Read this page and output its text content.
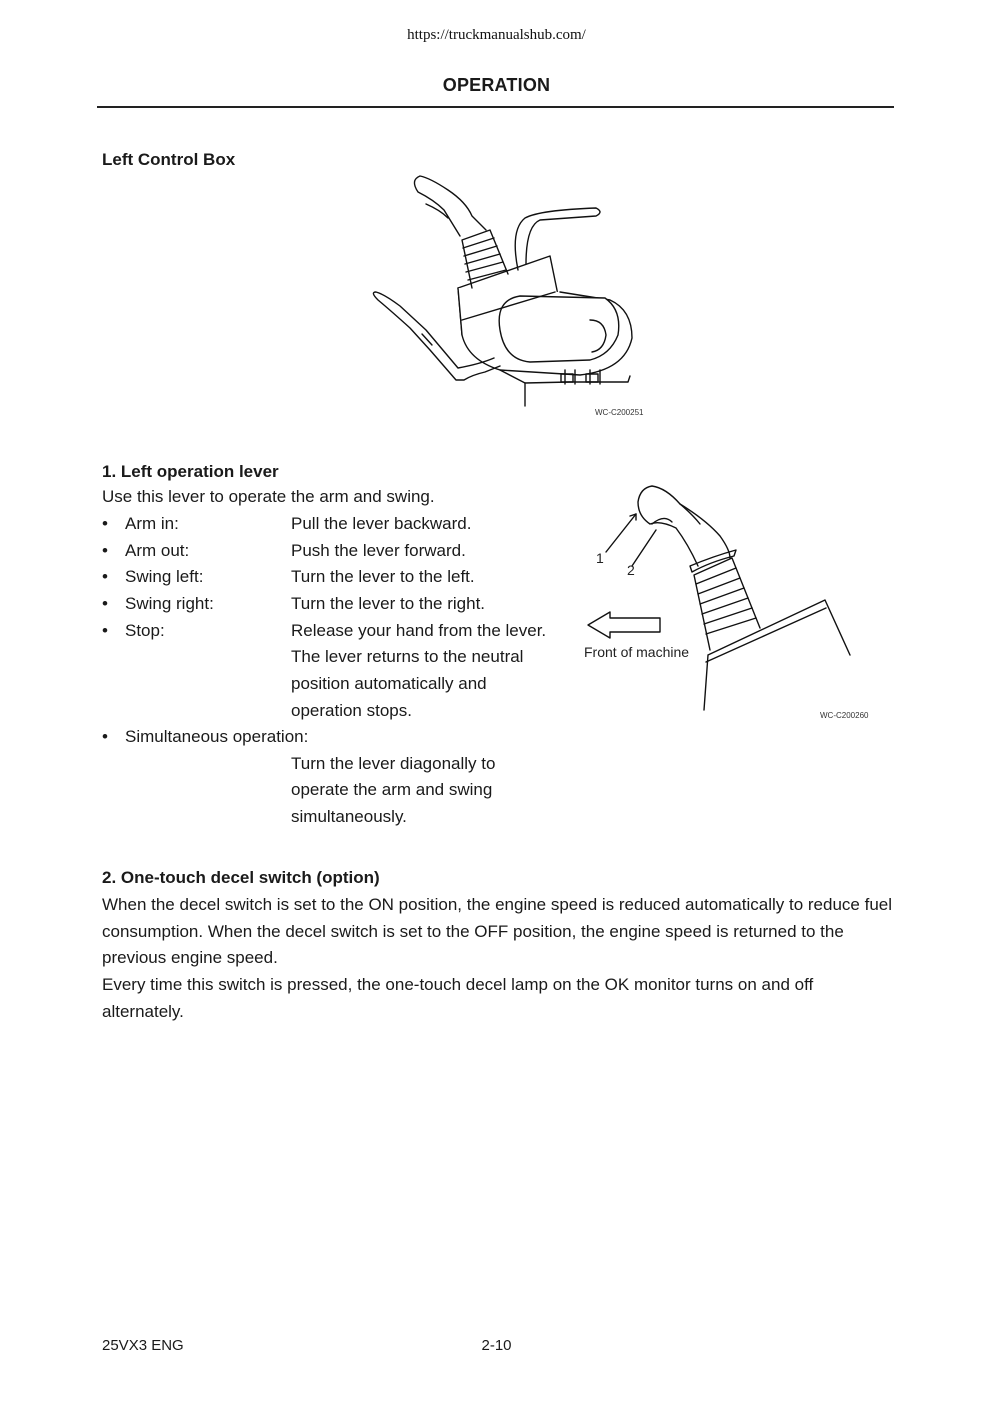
https://truckmanualshub.com/
OPERATION
Left Control Box
WC-C200251
1. Left operation lever
Use this lever to operate the arm and swing.
• Arm in:	Pull the lever backward.
• Arm out:	Push the lever forward.
• Swing left:	Turn the lever to the left.
• Swing right:	Turn the lever to the right.
• Stop:	Release your hand from the lever.
The lever returns to the neutral
position automatically and
operation stops.
• Simultaneous operation:
Turn the lever diagonally to
operate the arm and swing
simultaneously.
1
2
Front of machine
WC-C200260
2. One-touch decel switch (option)
When the decel switch is set to the ON position, the engine speed is reduced automatically to reduce fuel consumption. When the decel switch is set to the OFF position, the engine speed is returned to the previous engine speed.
Every time this switch is pressed, the one-touch decel lamp on the OK monitor turns on and off alternately.
25VX3 ENG	2-10
